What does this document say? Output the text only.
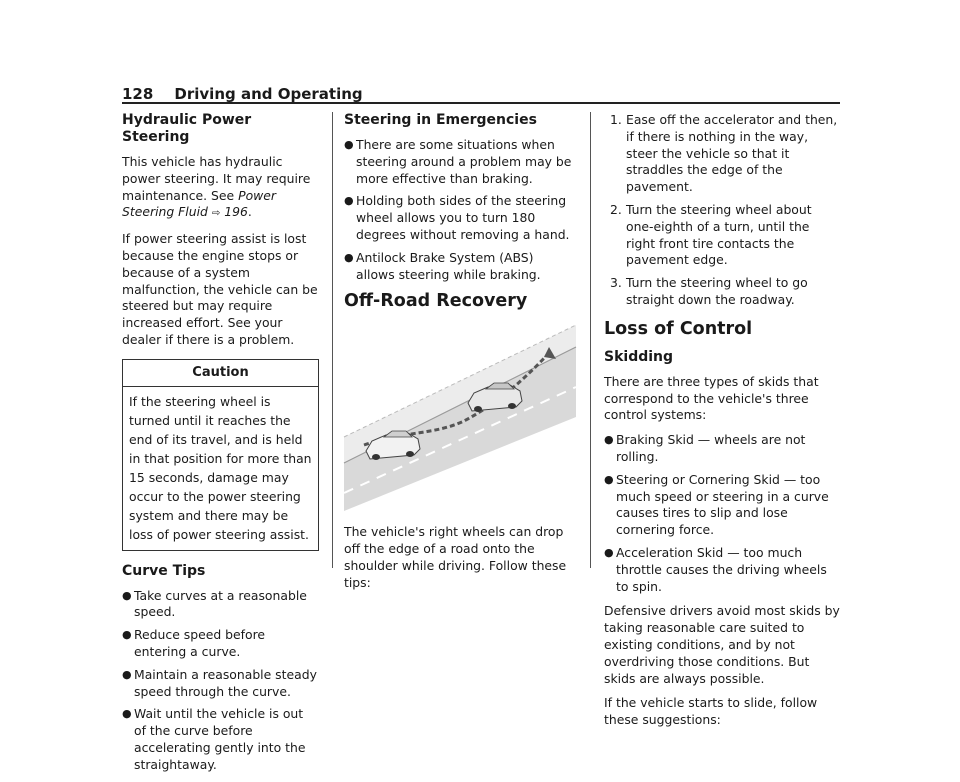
128 Driving and Operating
Hydraulic Power Steering

This vehicle has hydraulic power steering. It may require maintenance. See Power Steering Fluid ⇨ 196.

If power steering assist is lost because the engine stops or because of a system malfunction, the vehicle can be steered but may require increased effort. See your dealer if there is a problem.

Caution
If the steering wheel is turned until it reaches the end of its travel, and is held in that position for more than 15 seconds, damage may occur to the power steering system and there may be loss of power steering assist.
Curve Tips
● Take curves at a reasonable speed.
● Reduce speed before entering a curve.
● Maintain a reasonable steady speed through the curve.
● Wait until the vehicle is out of the curve before accelerating gently into the straightaway.
Steering in Emergencies
● There are some situations when steering around a problem may be more effective than braking.
● Holding both sides of the steering wheel allows you to turn 180 degrees without removing a hand.
● Antilock Brake System (ABS) allows steering while braking.
Off-Road Recovery

The vehicle's right wheels can drop off the edge of a road onto the shoulder while driving. Follow these tips:

1. Ease off the accelerator and then, if there is nothing in the way, steer the vehicle so that it straddles the edge of the pavement.
2. Turn the steering wheel about one-eighth of a turn, until the right front tire contacts the pavement edge.
3. Turn the steering wheel to go straight down the roadway.
Loss of Control
Skidding

There are three types of skids that correspond to the vehicle's three control systems:

● Braking Skid — wheels are not rolling.
● Steering or Cornering Skid — too much speed or steering in a curve causes tires to slip and lose cornering force.
● Acceleration Skid — too much throttle causes the driving wheels to spin.

Defensive drivers avoid most skids by taking reasonable care suited to existing conditions, and by not overdriving those conditions. But skids are always possible.

If the vehicle starts to slide, follow these suggestions:
